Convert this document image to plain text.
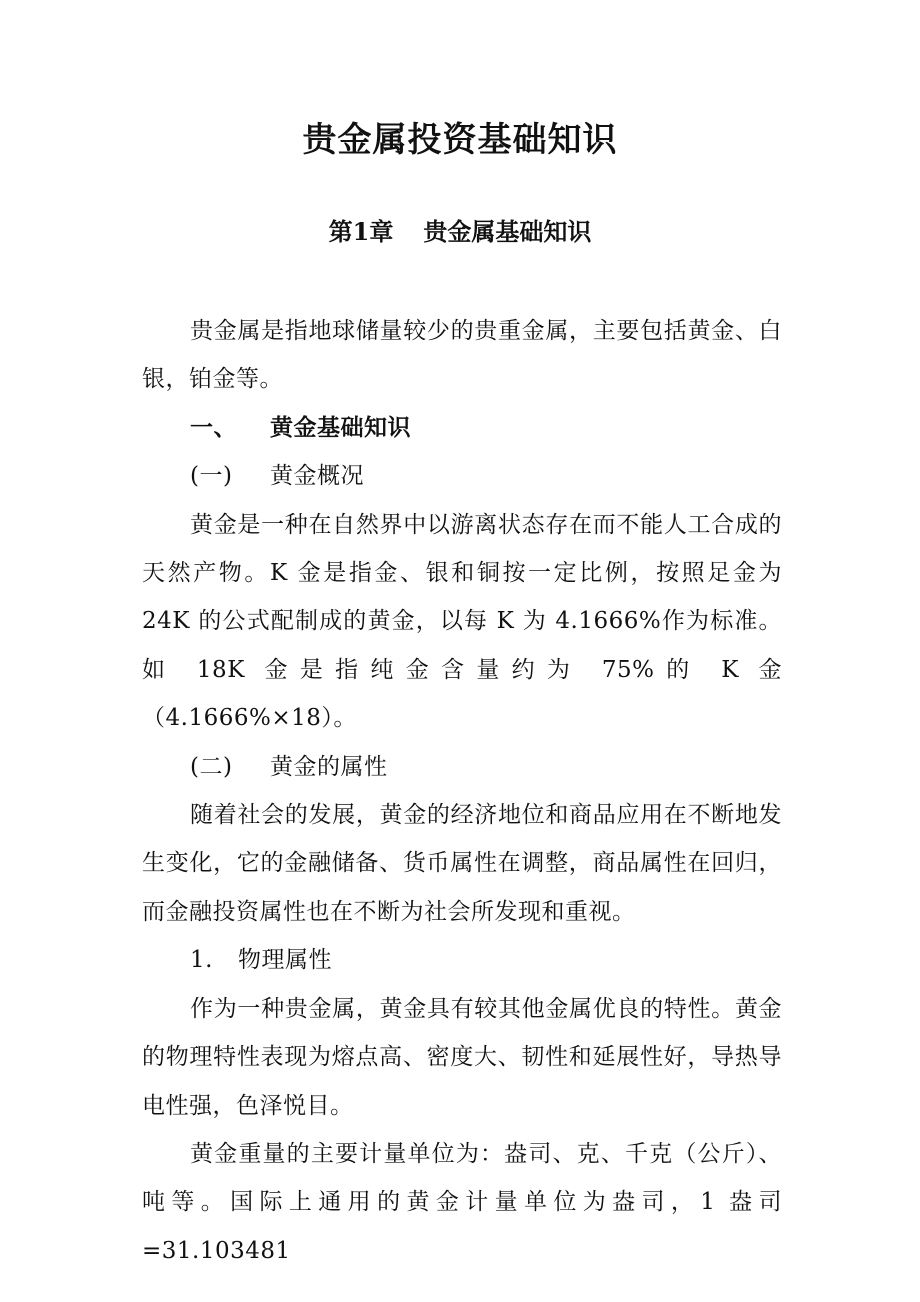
贵金属投资基础知识
第1章 贵金属基础知识

贵金属是指地球储量较少的贵重金属，主要包括黄金、白银，铂金等。

一、 黄金基础知识

(一) 黄金概况

黄金是一种在自然界中以游离状态存在而不能人工合成的天然产物。K 金是指金、银和铜按一定比例，按照足金为 24K 的公式配制成的黄金，以每 K 为 4.1666%作为标准。如 18K 金是指纯金含量约为 75%的 K 金（4.1666%×18）。

(二) 黄金的属性

随着社会的发展，黄金的经济地位和商品应用在不断地发生变化，它的金融储备、货币属性在调整，商品属性在回归，而金融投资属性也在不断为社会所发现和重视。

1. 物理属性

作为一种贵金属，黄金具有较其他金属优良的特性。黄金的物理特性表现为熔点高、密度大、韧性和延展性好，导热导电性强，色泽悦目。

黄金重量的主要计量单位为：盎司、克、千克（公斤）、吨等。国际上通用的黄金计量单位为盎司，1 盎司=31.103481
